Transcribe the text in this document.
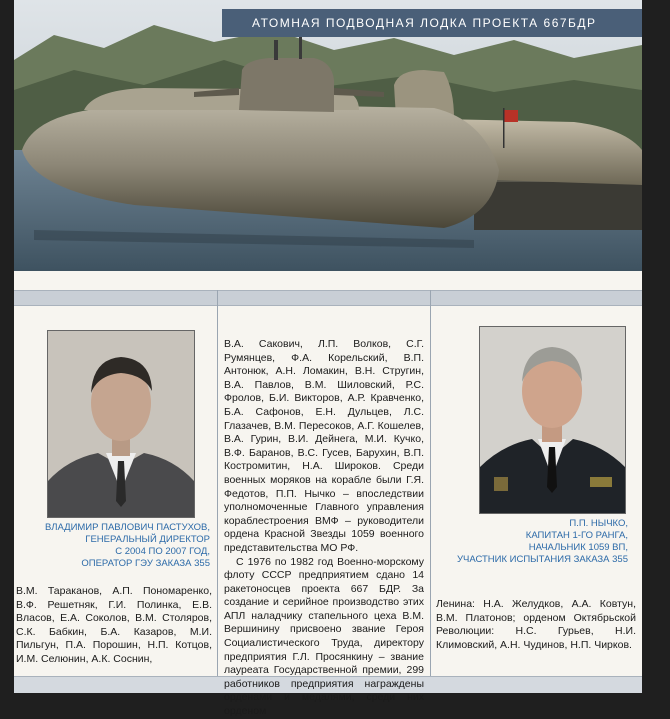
АТОМНАЯ ПОДВОДНАЯ ЛОДКА ПРОЕКТА 667БДР
ВЛАДИМИР ПАВЛОВИЧ ПАСТУХОВ,
ГЕНЕРАЛЬНЫЙ ДИРЕКТОР
С 2004 ПО 2007 ГОД,
ОПЕРАТОР ГЭУ ЗАКАЗА 355
П.П. НЫЧКО,
КАПИТАН 1-ГО РАНГА,
НАЧАЛЬНИК 1059 ВП,
УЧАСТНИК ИСПЫТАНИЯ ЗАКАЗА 355

В.М. Тараканов, А.П. Пономаренко, В.Ф. Решетняк, Г.И. Полинка, Е.В. Власов, Е.А. Соколов, В.М. Столяров, С.К. Бабкин, Б.А. Казаров, М.И. Пильгун, П.А. Порошин, Н.П. Котцов, И.М. Селюнин, А.К. Соснин,

В.А. Сакович, Л.П. Волков, С.Г. Румянцев, Ф.А. Корельский, В.П. Антонюк, А.Н. Ломакин, В.Н. Стругин, В.А. Павлов, В.М. Шиловский, Р.С. Фролов, Б.И. Викторов, А.Р. Кравченко, Б.А. Сафонов, Е.Н. Дульцев, Л.С. Глазачев, В.М. Пересоков, А.Г. Кошелев, В.А. Гурин, В.И. Дейнега, М.И. Кучко, В.Ф. Баранов, В.С. Гусев, Барухин, В.П. Костромитин, Н.А. Широков. Среди военных моряков на корабле были Г.Я. Федотов, П.П. Нычко – впоследствии уполномоченные Главного управления кораблестроения ВМФ – руководители ордена Красной Звезды 1059 военного представительства МО РФ.

С 1976 по 1982 год Военно-морскому флоту СССР предприятием сдано 14 ракетоносцев проекта 667 БДР. За создание и серийное производство этих АПЛ наладчику стапельного цеха В.М. Вершинину присвоено звание Героя Социалистического Труда, директору предприятия Г.Л. Просянкину – звание лауреата Государственной премии, 299 работников предприятия награждены орденами и медалями, среди них орденом

Ленина: Н.А. Желудков, А.А. Ковтун, В.М. Платонов; орденом Октябрьской Революции: Н.С. Гурьев, Н.И. Климовский, А.Н. Чудинов, Н.П. Чирков.
